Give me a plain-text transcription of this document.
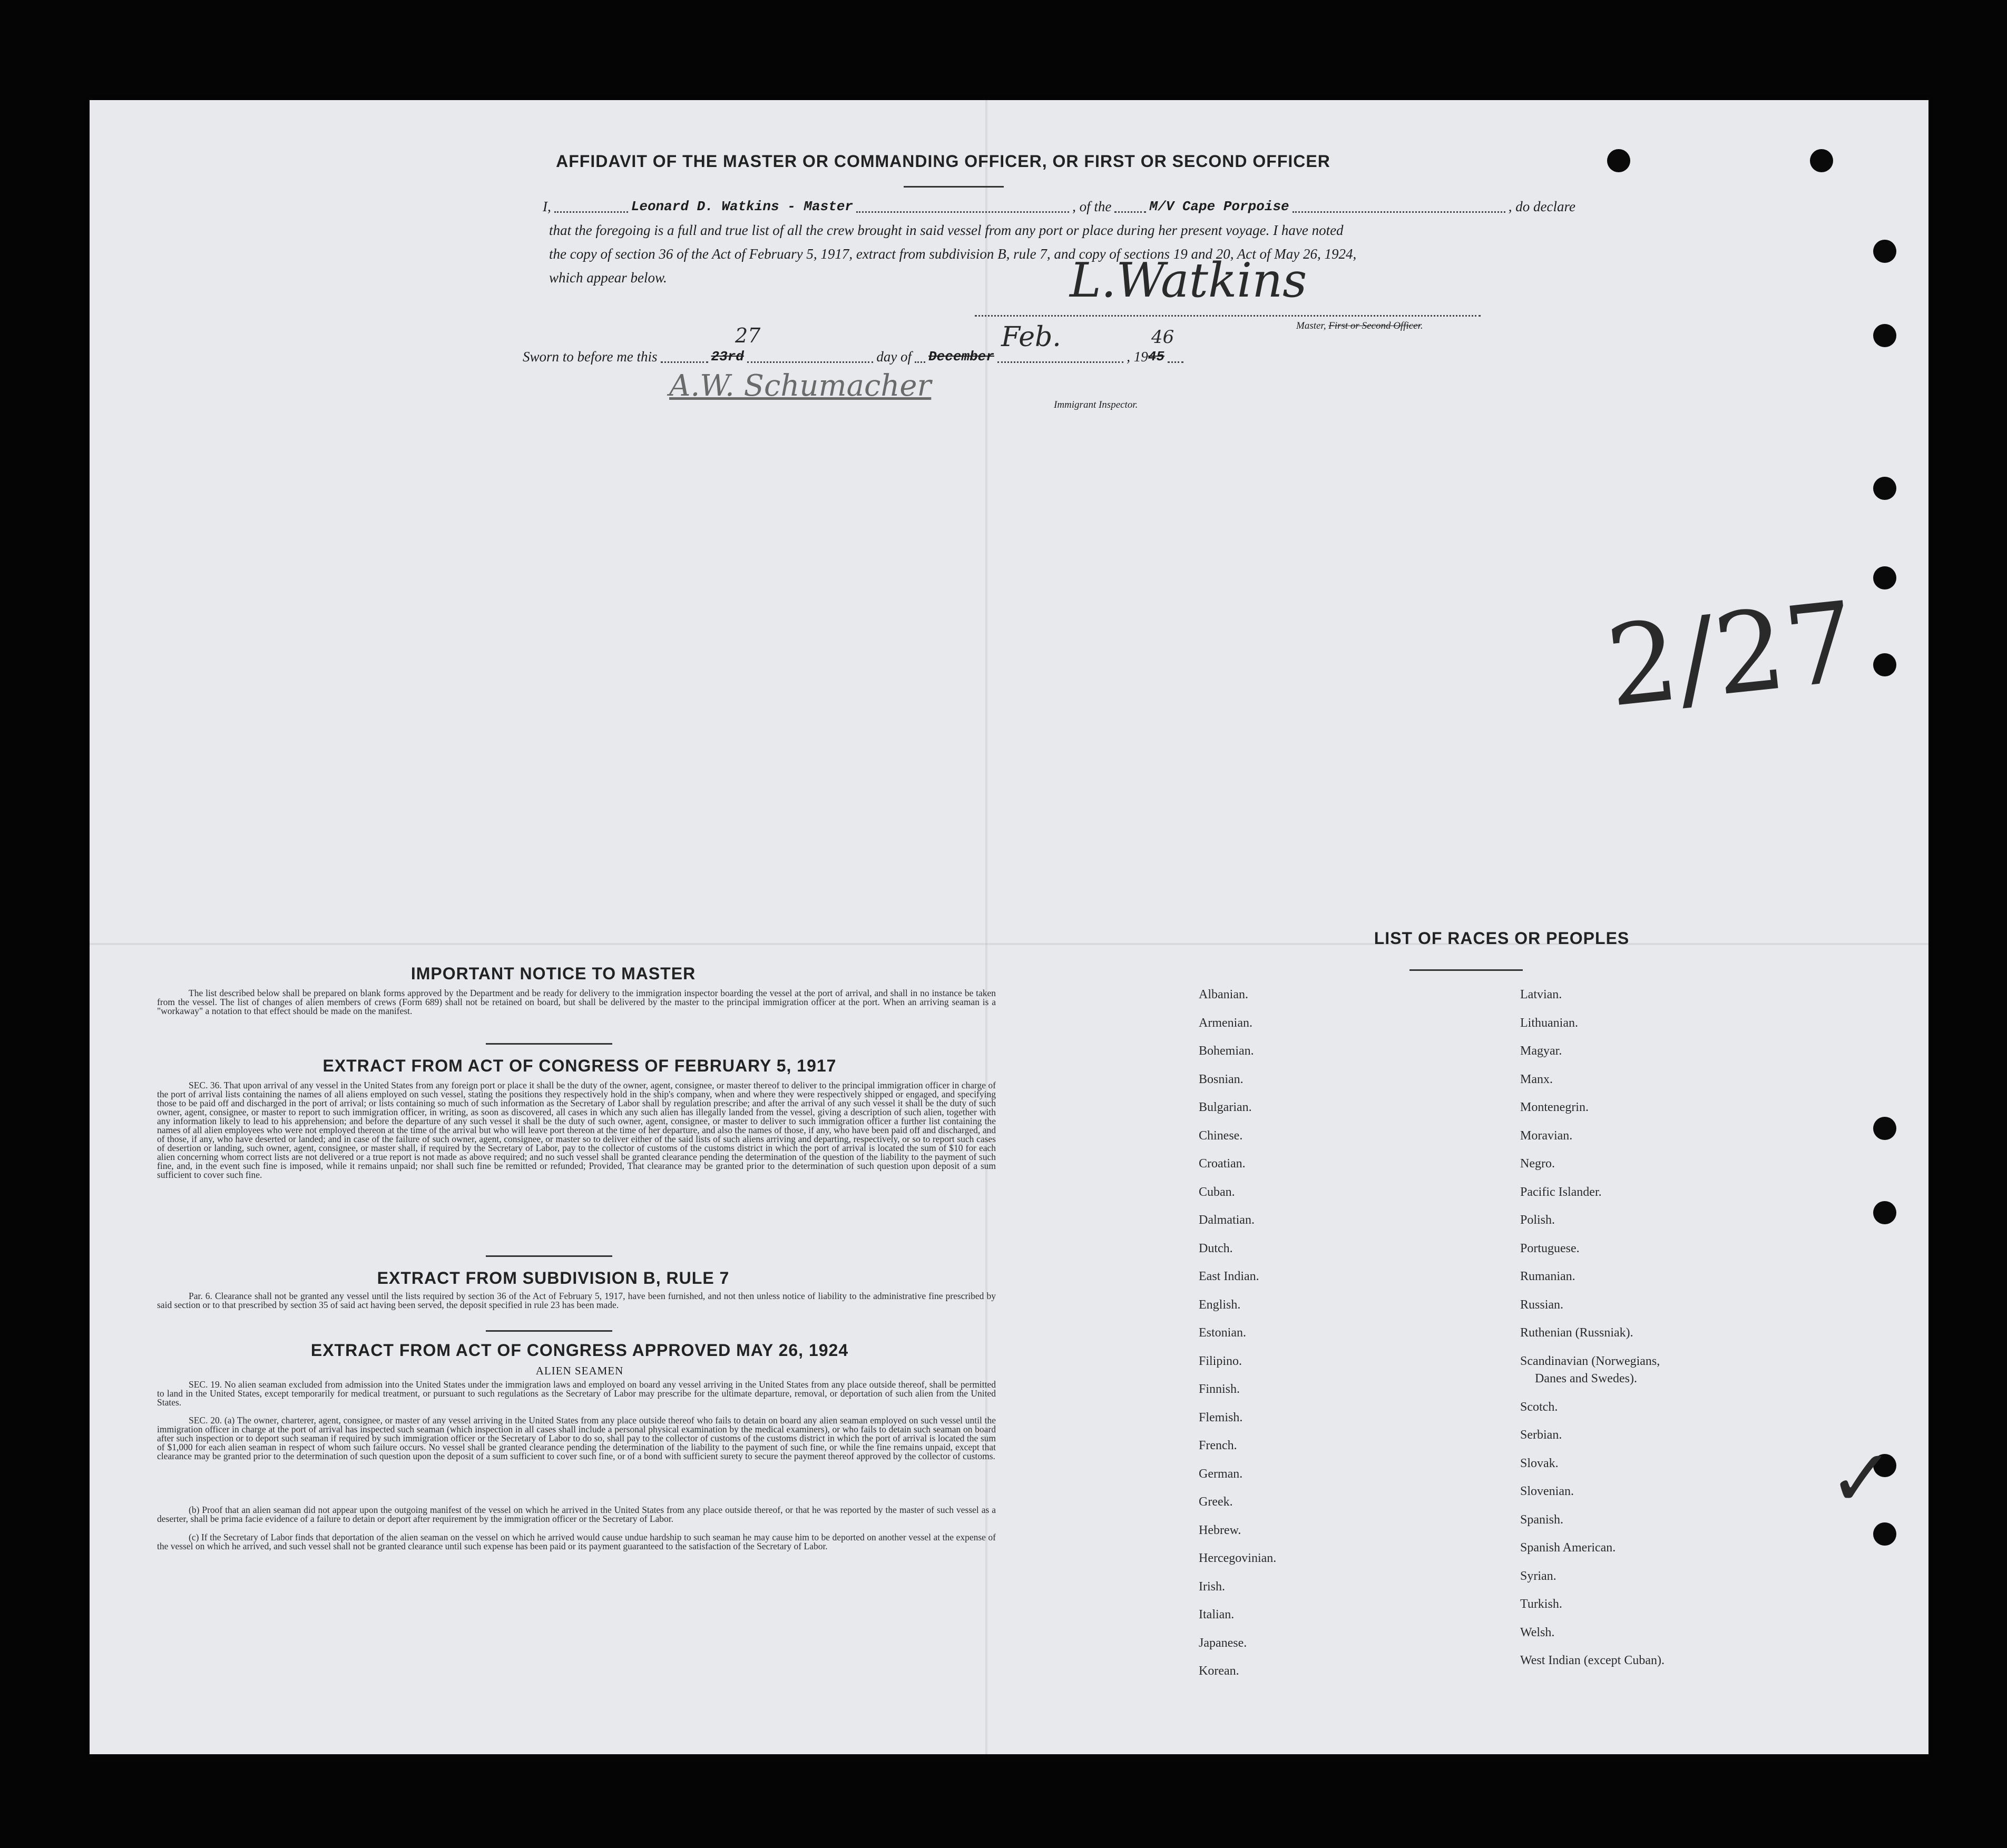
AFFIDAVIT OF THE MASTER OR COMMANDING OFFICER, OR FIRST OR SECOND OFFICER
I,	Leonard D. Watkins - Master	, of the	M/V Cape Porpoise	, do declare
that the foregoing is a full and true list of all the crew brought in said vessel from any port or place during her present voyage. I have noted
the copy of section 36 of the Act of February 5, 1917, extract from subdivision B, rule 7, and copy of sections 19 and 20, Act of May 26, 1924,
which appear below.	L.Watkins
Master, First or Second Officer.
Sworn to before me this	23rd	day of December	, 19 45
27	Feb.	46
A.W. Schumacher
Immigrant Inspector.
2/27
✓
IMPORTANT NOTICE TO MASTER
The list described below shall be prepared on blank forms approved by the Department and be ready for delivery to the immigration inspector boarding the vessel at the port of arrival, and shall in no instance be taken from the vessel. The list of changes of alien members of crews (Form 689) shall not be retained on board, but shall be delivered by the master to the principal immigration officer at the port. When an arriving seaman is a "workaway" a notation to that effect should be made on the manifest.
EXTRACT FROM ACT OF CONGRESS OF FEBRUARY 5, 1917
SEC. 36. That upon arrival of any vessel in the United States from any foreign port or place it shall be the duty of the owner, agent, consignee, or master thereof to deliver to the principal immigration officer in charge of the port of arrival lists containing the names of all aliens employed on such vessel, stating the positions they respectively hold in the ship's company, when and where they were respectively shipped or engaged, and specifying those to be paid off and discharged in the port of arrival; or lists containing so much of such information as the Secretary of Labor shall by regulation prescribe; and after the arrival of any such vessel it shall be the duty of such owner, agent, consignee, or master to report to such immigration officer, in writing, as soon as discovered, all cases in which any such alien has illegally landed from the vessel, giving a description of such alien, together with any information likely to lead to his apprehension; and before the departure of any such vessel it shall be the duty of such owner, agent, consignee, or master to deliver to such immigration officer a further list containing the names of all alien employees who were not employed thereon at the time of the arrival but who will leave port thereon at the time of her departure, and also the names of those, if any, who have been paid off and discharged, and of those, if any, who have deserted or landed; and in case of the failure of such owner, agent, consignee, or master so to deliver either of the said lists of such aliens arriving and departing, respectively, or so to report such cases of desertion or landing, such owner, agent, consignee, or master shall, if required by the Secretary of Labor, pay to the collector of customs of the customs district in which the port of arrival is located the sum of $10 for each alien concerning whom correct lists are not delivered or a true report is not made as above required; and no such vessel shall be granted clearance pending the determination of the question of the liability to the payment of such fine, and, in the event such fine is imposed, while it remains unpaid; nor shall such fine be remitted or refunded; Provided, That clearance may be granted prior to the determination of such question upon deposit of a sum sufficient to cover such fine.
EXTRACT FROM SUBDIVISION B, RULE 7
Par. 6. Clearance shall not be granted any vessel until the lists required by section 36 of the Act of February 5, 1917, have been furnished, and not then unless notice of liability to the administrative fine prescribed by said section or to that prescribed by section 35 of said act having been served, the deposit specified in rule 23 has been made.
EXTRACT FROM ACT OF CONGRESS APPROVED MAY 26, 1924
ALIEN SEAMEN
SEC. 19. No alien seaman excluded from admission into the United States under the immigration laws and employed on board any vessel arriving in the United States from any place outside thereof, shall be permitted to land in the United States, except temporarily for medical treatment, or pursuant to such regulations as the Secretary of Labor may prescribe for the ultimate departure, removal, or deportation of such alien from the United States.
SEC. 20. (a) The owner, charterer, agent, consignee, or master of any vessel arriving in the United States from any place outside thereof who fails to detain on board any alien seaman employed on such vessel until the immigration officer in charge at the port of arrival has inspected such seaman (which inspection in all cases shall include a personal physical examination by the medical examiners), or who fails to detain such seaman on board after such inspection or to deport such seaman if required by such immigration officer or the Secretary of Labor to do so, shall pay to the collector of customs of the customs district in which the port of arrival is located the sum of $1,000 for each alien seaman in respect of whom such failure occurs. No vessel shall be granted clearance pending the determination of the liability to the payment of such fine, or while the fine remains unpaid, except that clearance may be granted prior to the determination of such question upon the deposit of a sum sufficient to cover such fine, or of a bond with sufficient surety to secure the payment thereof approved by the collector of customs.
(b) Proof that an alien seaman did not appear upon the outgoing manifest of the vessel on which he arrived in the United States from any place outside thereof, or that he was reported by the master of such vessel as a deserter, shall be prima facie evidence of a failure to detain or deport after requirement by the immigration officer or the Secretary of Labor.
(c) If the Secretary of Labor finds that deportation of the alien seaman on the vessel on which he arrived would cause undue hardship to such seaman he may cause him to be deported on another vessel at the expense of the vessel on which he arrived, and such vessel shall not be granted clearance until such expense has been paid or its payment guaranteed to the satisfaction of the Secretary of Labor.
LIST OF RACES OR PEOPLES
Albanian.
Armenian.
Bohemian.
Bosnian.
Bulgarian.
Chinese.
Croatian.
Cuban.
Dalmatian.
Dutch.
East Indian.
English.
Estonian.
Filipino.
Finnish.
Flemish.
French.
German.
Greek.
Hebrew.
Hercegovinian.
Irish.
Italian.
Japanese.
Korean.
Latvian.
Lithuanian.
Magyar.
Manx.
Montenegrin.
Moravian.
Negro.
Pacific Islander.
Polish.
Portuguese.
Rumanian.
Russian.
Ruthenian (Russniak).
Scandinavian (Norwegians,
Danes and Swedes).
Scotch.
Serbian.
Slovak.
Slovenian.
Spanish.
Spanish American.
Syrian.
Turkish.
Welsh.
West Indian (except Cuban).
